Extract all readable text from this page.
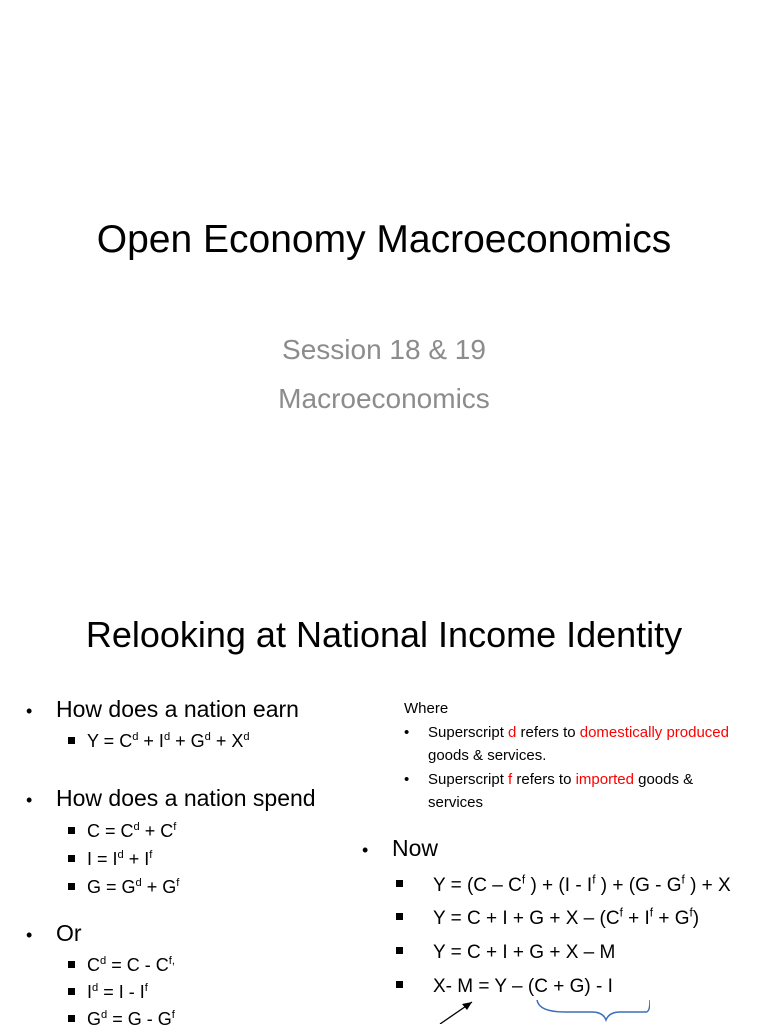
Open Economy Macroeconomics
Session 18 & 19
Macroeconomics
Relooking at National Income Identity
•	How does a nation earn
$Y = C^d + I^d + G^d + X^d$
•	How does a nation spend
$C = C^d + C^f$
$I = I^d + I^f$
$G = G^d + G^f$
•	Or
$C^d = C - C^{f,}$
$I^d = I - I^f$
$G^d = G - G^f$
Where
•	Superscript d refers to domestically produced goods & services.
•	Superscript f refers to imported goods & services
•	Now
$Y = (C - C^f$ ) + ($I - I^f$ ) + ($G - G^f$ ) + X
$Y = C + I + G + X - (C^f + I^f + G^f)$
Y = C + I + G + X – M
X- M = Y – (C + G) - I
